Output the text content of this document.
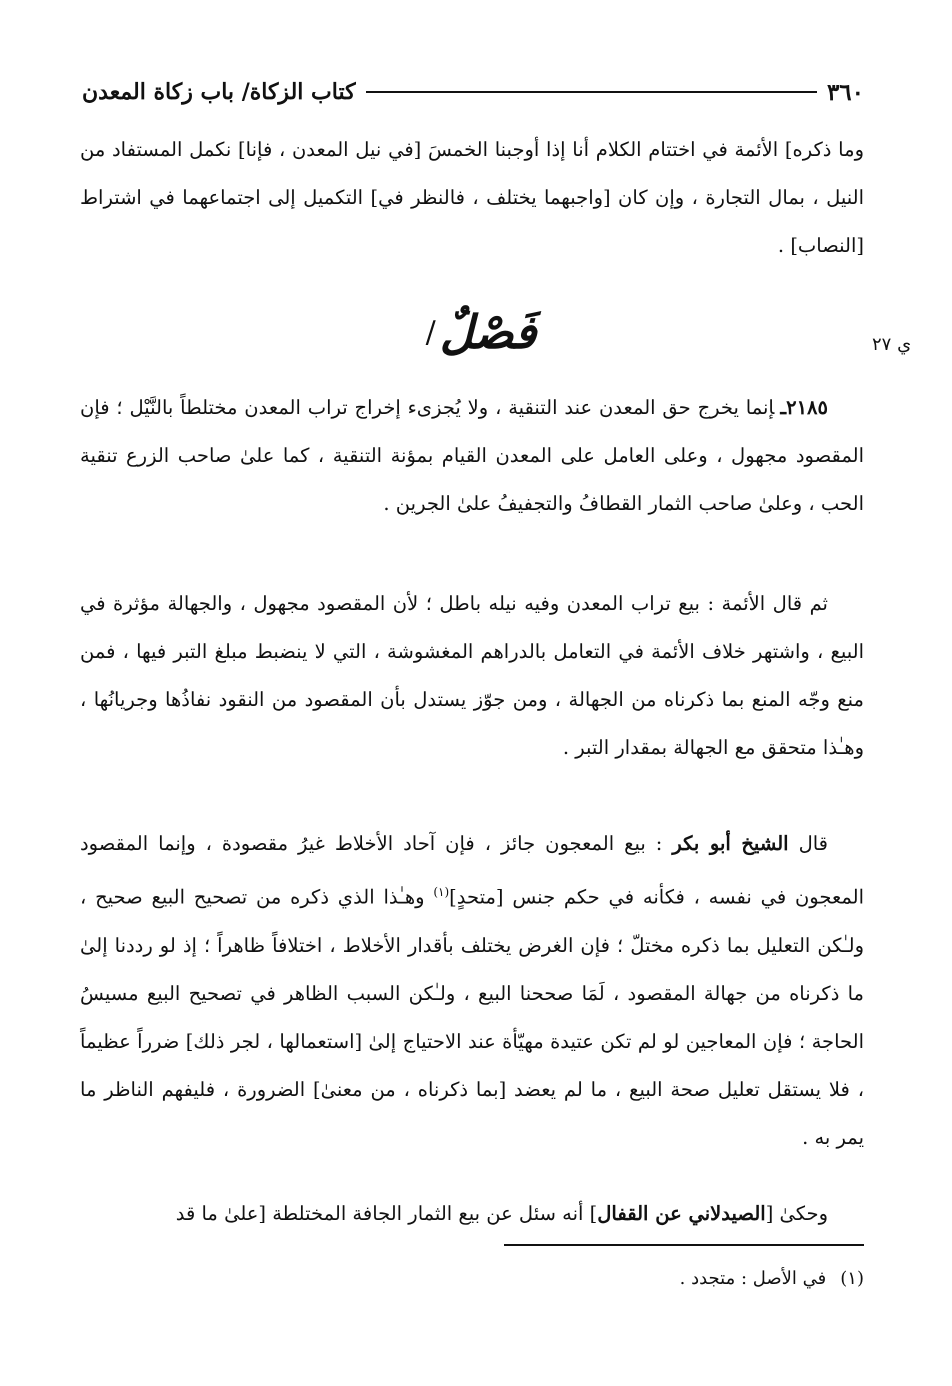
٣٦٠
كتاب الزكاة/ باب زكاة المعدن
وما ذكره] الأئمة في اختتام الكلام أنا إذا أوجبنا الخمسَ [في نيل المعدن ، فإنا] نكمل المستفاد من النيل ، بمال التجارة ، وإن كان [واجبهما يختلف ، فالنظر في] التكميل إلى اجتماعهما في اشتراط [النصاب] .
فَصْلٌ
/	ي ٢٧
٢١٨٥ـإنما يخرج حق المعدن عند التنقية ، ولا يُجزىء إخراج تراب المعدن مختلطاً بالنَّيْل ؛ فإن المقصود مجهول ، وعلى العامل على المعدن القيام بمؤنة التنقية ، كما علىٰ صاحب الزرع تنقية الحب ، وعلىٰ صاحب الثمار القطافُ والتجفيفُ علىٰ الجرين .
ثم قال الأئمة : بيع تراب المعدن وفيه نيله باطل ؛ لأن المقصود مجهول ، والجهالة مؤثرة في البيع ، واشتهر خلاف الأئمة في التعامل بالدراهم المغشوشة ، التي لا ينضبط مبلغ التبر فيها ، فمن منع وجّه المنع بما ذكرناه من الجهالة ، ومن جوّز يستدل بأن المقصود من النقود نفاذُها وجريانُها ، وهـٰذا متحقق مع الجهالة بمقدار التبر .
قال الشيخ أبو بكر : بيع المعجون جائز ، فإن آحاد الأخلاط غيرُ مقصودة ، وإنما المقصود المعجون في نفسه ، فكأنه في حكم جنس [متحدٍ]$^{(١)}$ وهـٰذا الذي ذكره من تصحيح البيع صحيح ، ولـٰكن التعليل بما ذكره مختلّ ؛ فإن الغرض يختلف بأقدار الأخلاط ، اختلافاً ظاهراً ؛ إذ لو رددنا إلىٰ ما ذكرناه من جهالة المقصود ، لَمَا صححنا البيع ، ولـٰكن السبب الظاهر في تصحيح البيع مسيسُ الحاجة ؛ فإن المعاجين لو لم تكن عتيدة مهيّأة عند الاحتياج إلىٰ [استعمالها ، لجر ذلك] ضرراً عظيماً ، فلا يستقل تعليل صحة البيع ، ما لم يعضد [بما ذكرناه ، من معنىٰ] الضرورة ، فليفهم الناظر ما يمر به .
وحكىٰ [الصيدلاني عن القفال] أنه سئل عن بيع الثمار الجافة المختلطة [علىٰ ما قد
(١)في الأصل : متجدد .
